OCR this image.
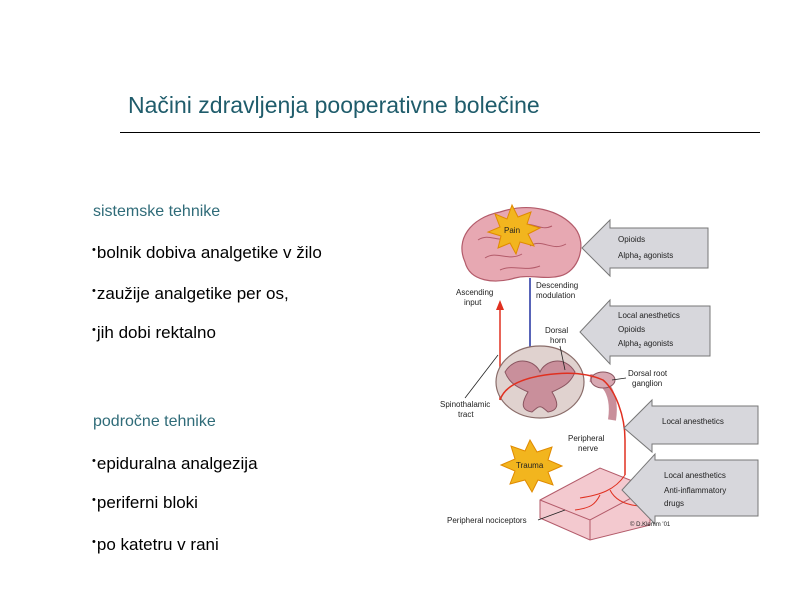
Načini zdravljenja pooperativne bolečine
sistemske tehnike
• bolnik dobiva analgetike v žilo
• zaužije analgetike per os,
• jih dobi rektalno
področne tehnike
• epiduralna analgezija
• periferni bloki
• po katetru v rani
Pain
Opioids
Alpha$_2$ agonists
Ascending
input
Descending
modulation
Dorsal
horn
Local anesthetics
Opioids
Alpha$_2$ agonists
Dorsal root
ganglion
Spinothalamic
tract
Local anesthetics
Peripheral
nerve
Trauma
Local anesthetics
Anti-inflammatory
drugs
Peripheral nociceptors	© D.Klemm '01
